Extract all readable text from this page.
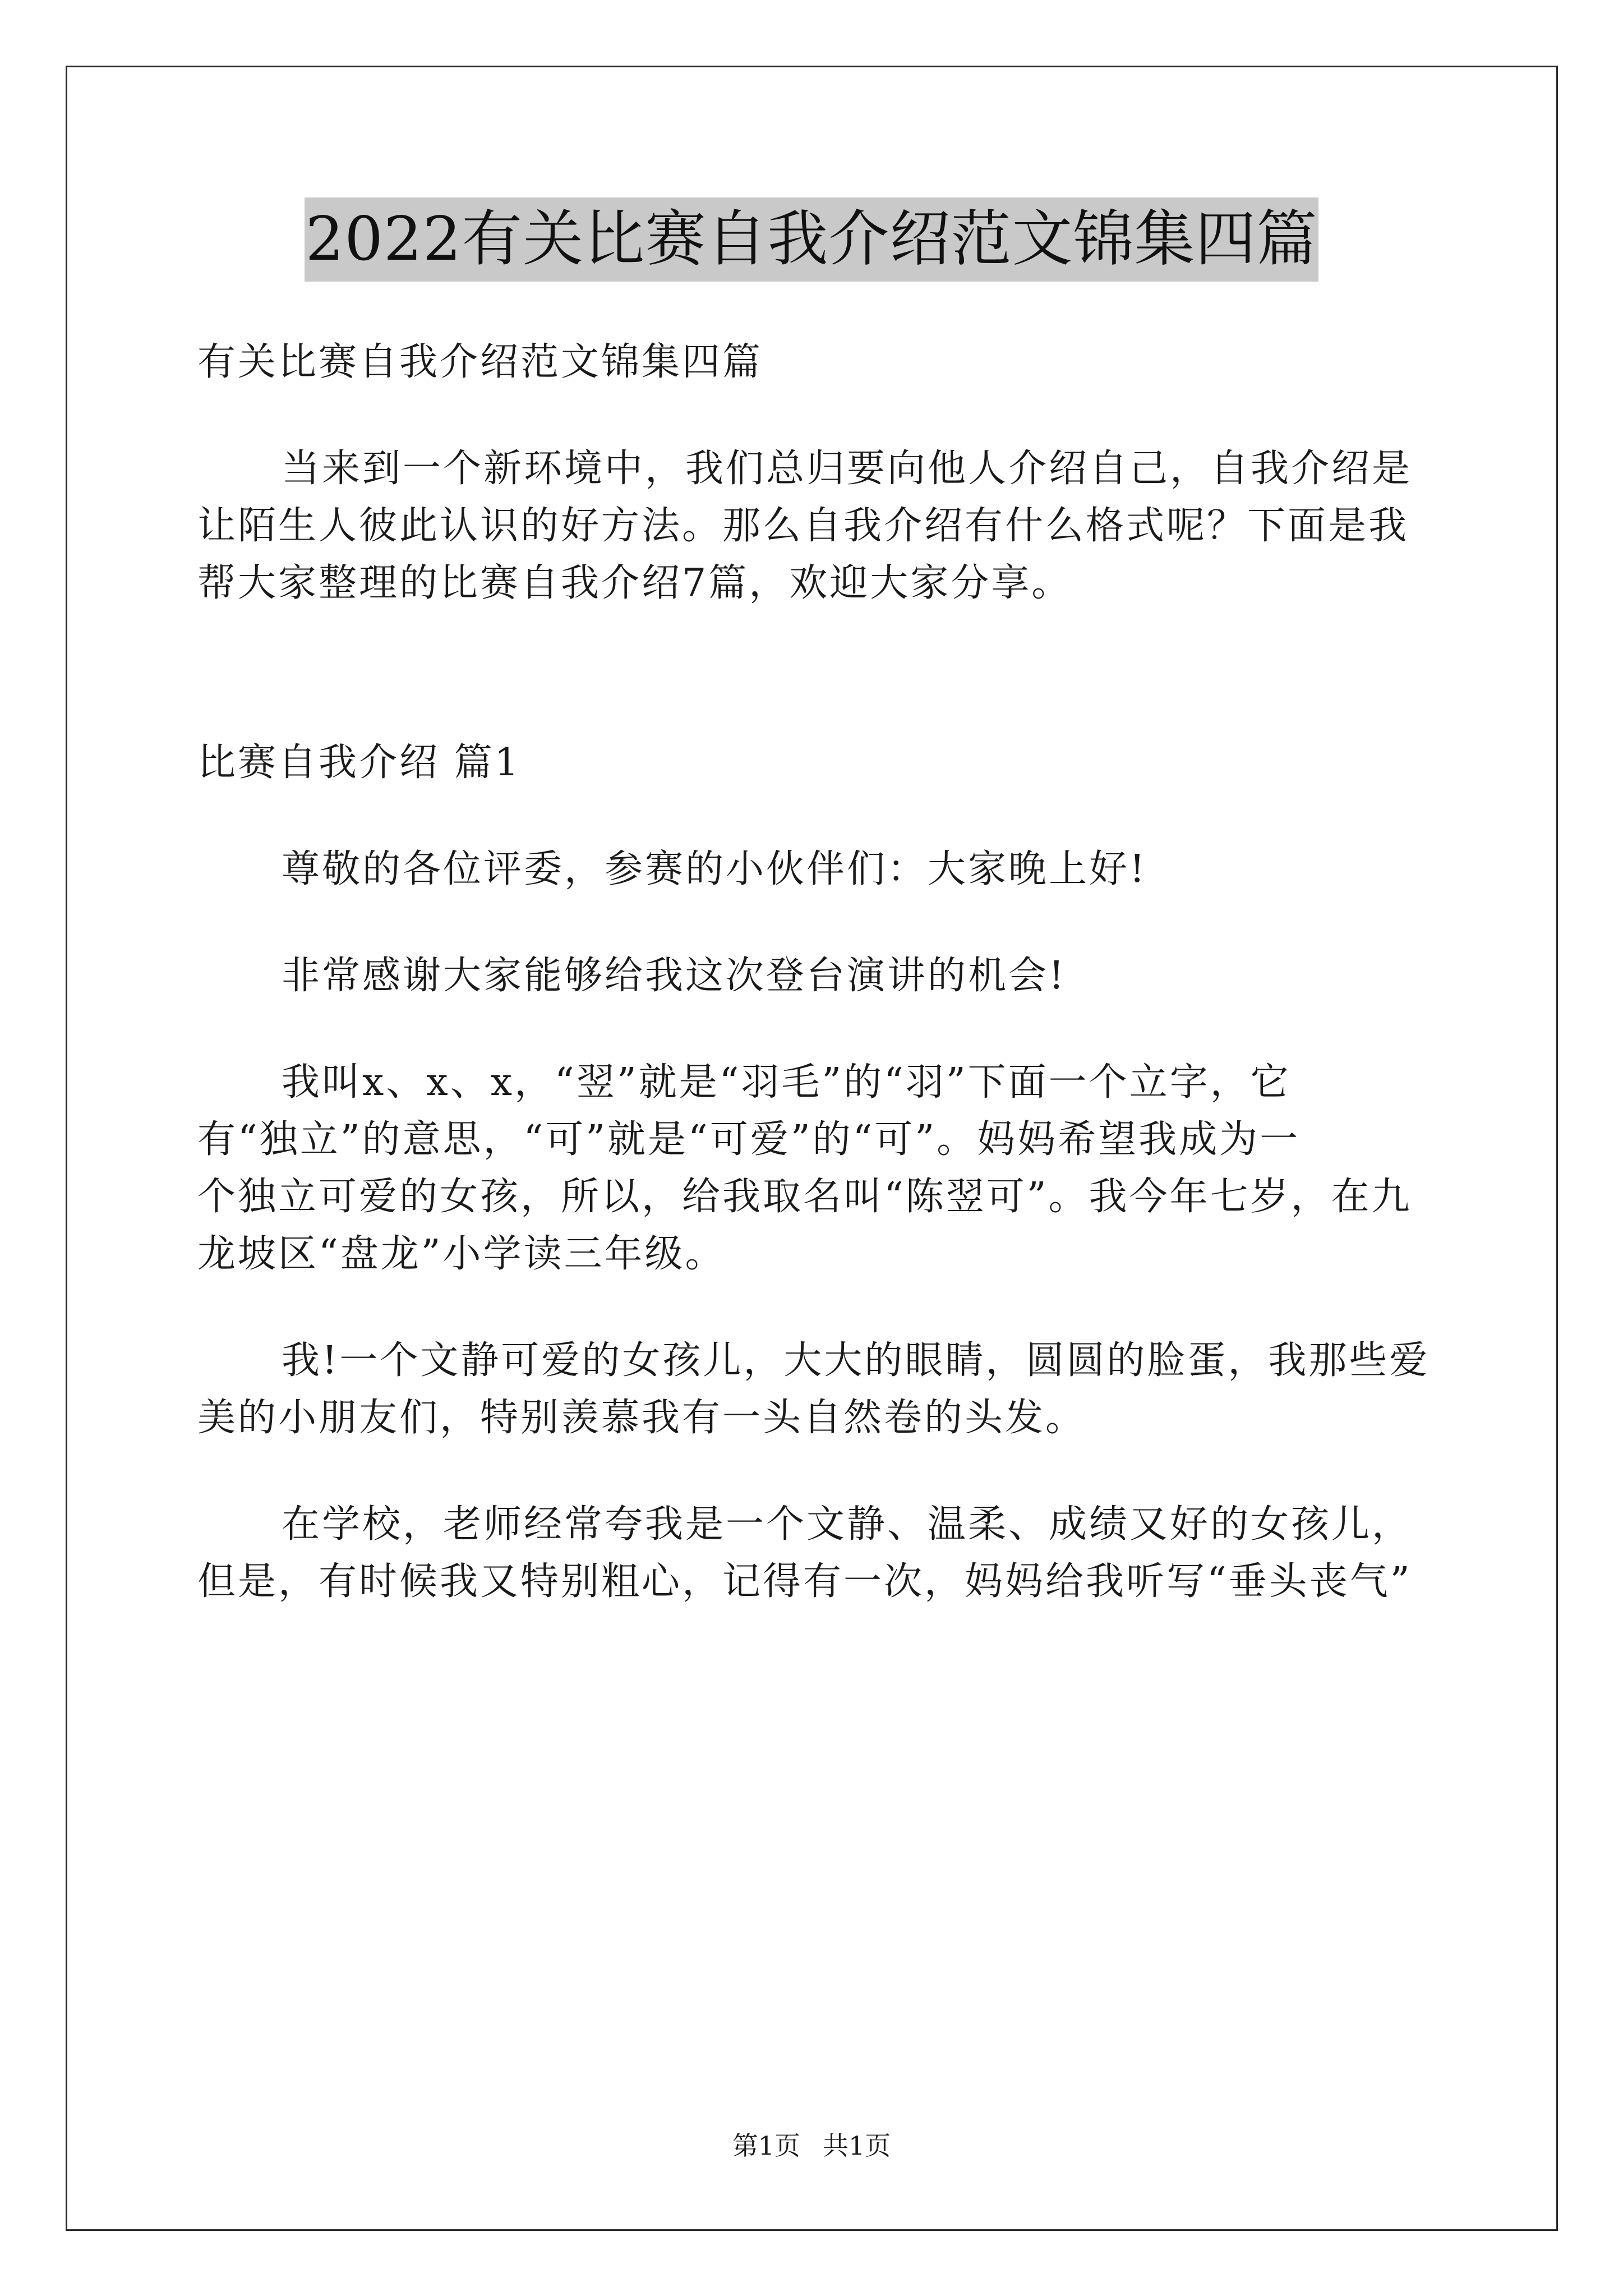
2022有关比赛自我介绍范文锦集四篇
有关比赛自我介绍范文锦集四篇
当来到一个新环境中，我们总归要向他人介绍自己，自我介绍是
让陌生人彼此认识的好方法。那么自我介绍有什么格式呢？下面是我
帮大家整理的比赛自我介绍7篇，欢迎大家分享。
比赛自我介绍 篇1
尊敬的各位评委，参赛的小伙伴们：大家晚上好!
非常感谢大家能够给我这次登台演讲的机会!
我叫x、x、x，“翌”就是“羽毛”的“羽”下面一个立字，它
有“独立”的意思，“可”就是“可爱”的“可”。妈妈希望我成为一
个独立可爱的女孩，所以，给我取名叫“陈翌可”。我今年七岁，在九
龙坡区“盘龙”小学读三年级。
我!一个文静可爱的女孩儿，大大的眼睛，圆圆的脸蛋，我那些爱
美的小朋友们，特别羡慕我有一头自然卷的头发。
在学校，老师经常夸我是一个文静、温柔、成绩又好的女孩儿，
但是，有时候我又特别粗心，记得有一次，妈妈给我听写“垂头丧气”
第1页 共1页
